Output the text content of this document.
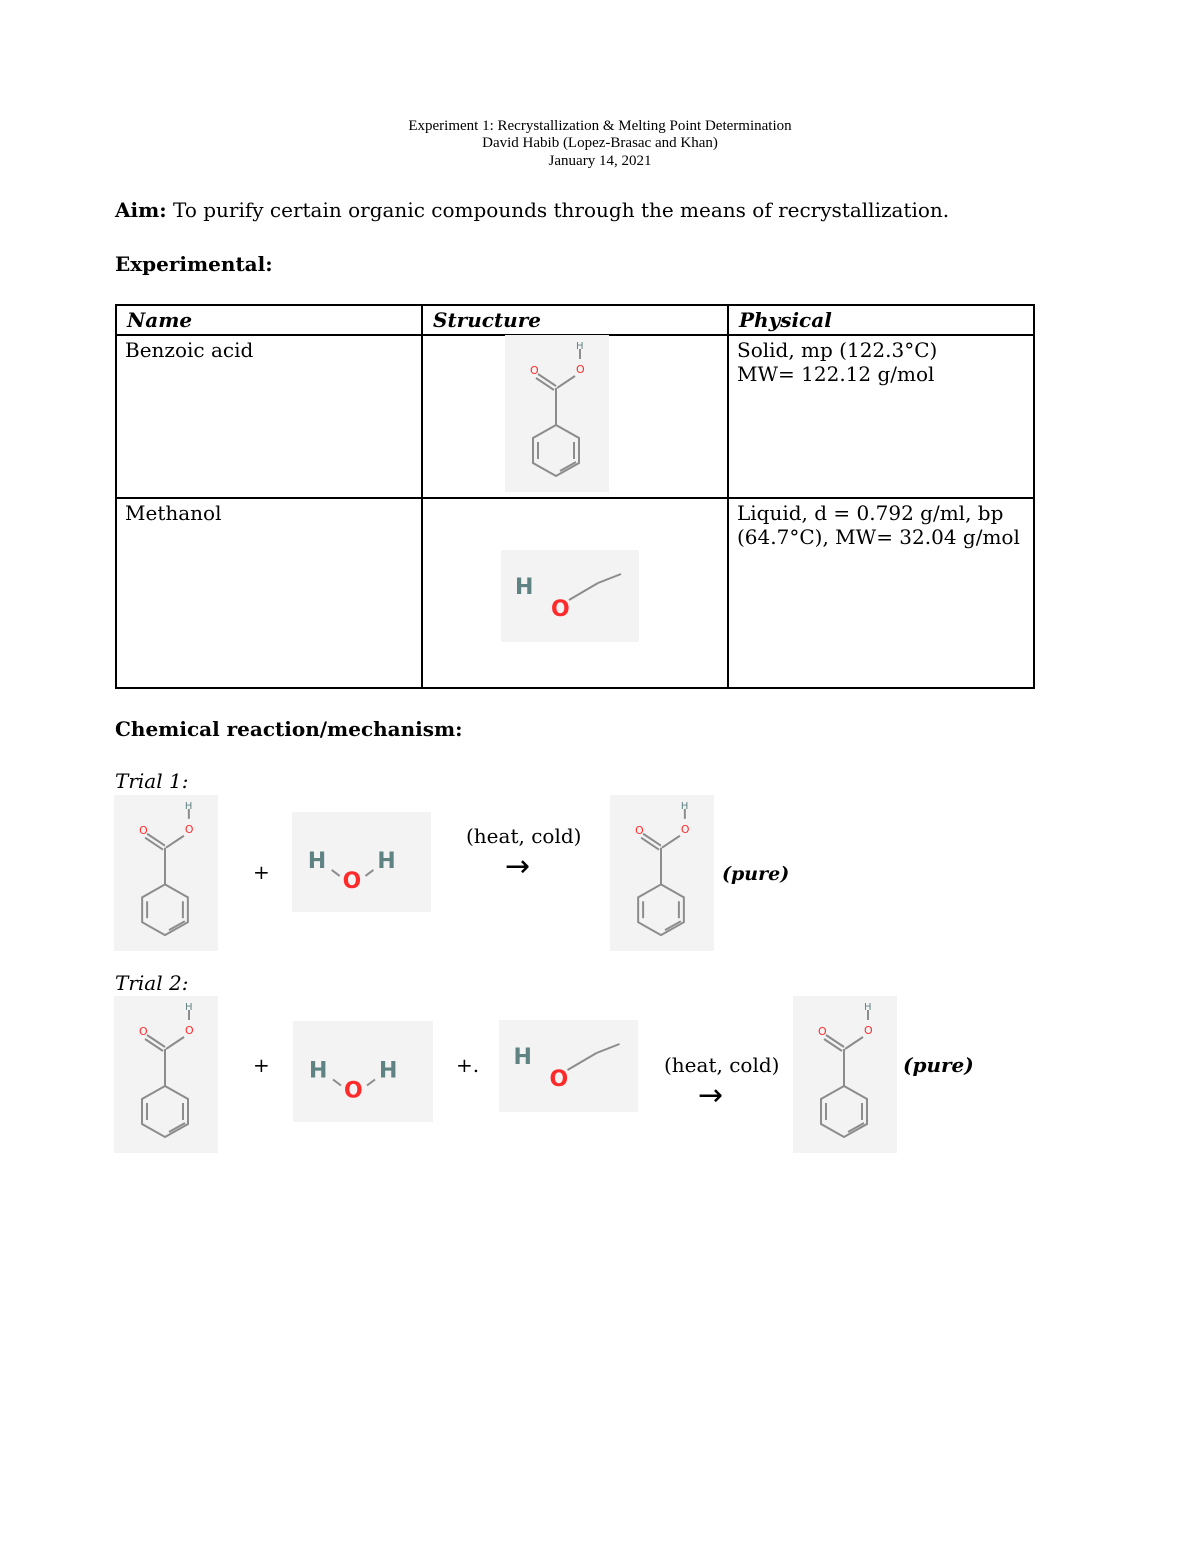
Experiment 1: Recrystallization & Melting Point Determination
David Habib (Lopez-Brasac and Khan)
January 14, 2021
Aim: To purify certain organic compounds through the means of recrystallization.
Experimental:
Name	Structure	Physical
Benzoic acid		Solid, mp (122.3°C)
MW= 122.12 g/mol

Methanol		Liquid, d = 0.792 g/ml, bp
(64.7°C), MW= 32.04 g/mol
O	O
H
H
O
Chemical reaction/mechanism:
Trial 1:
O	O
H
+ H
O
H
(heat, cold)
→
O	O
H
(pure)
Trial 2:
O	O
H
+ H
O
H	+. H
O
(heat, cold)
→
O	O
H
(pure)
